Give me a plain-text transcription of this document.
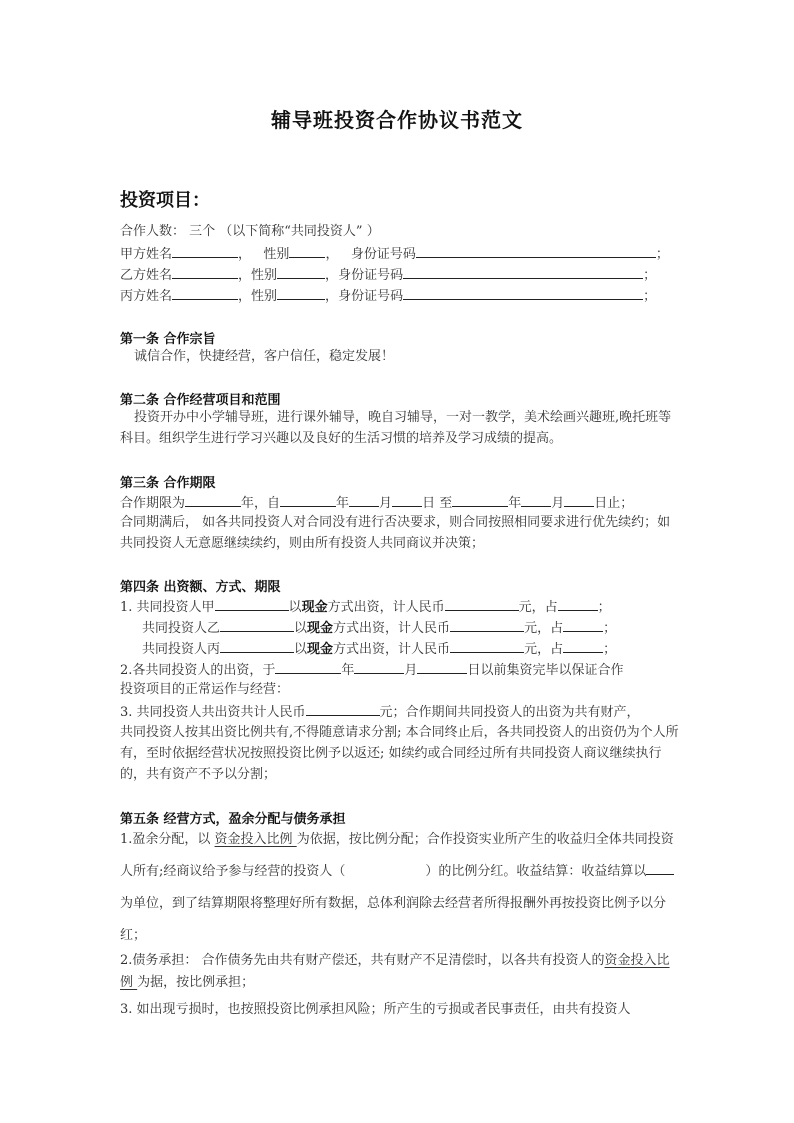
辅导班投资合作协议书范文
投资项目：
合作人数： 三个 （以下简称“共同投资人” ）
甲方姓名	，   性别	，   身份证号码	；
乙方姓名	，性别	，身份证号码	；
丙方姓名	，性别	，身份证号码	；
第一条 合作宗旨
诚信合作，快捷经营，客户信任，稳定发展！
第二条 合作经营项目和范围
投资开办中小学辅导班，进行课外辅导，晚自习辅导，一对一教学，美术绘画兴趣班,晚托班等科目。组织学生进行学习兴趣以及良好的生活习惯的培养及学习成绩的提高。
第三条 合作期限
合作期限为	年，自	年 月 日 至	年 月 日止；
合同期满后， 如各共同投资人对合同没有进行否决要求，则合同按照相同要求进行优先续约；如共同投资人无意愿继续续约，则由所有投资人共同商议并决策；
第四条 出资额、方式、期限
1. 共同投资人甲	以现金方式出资，计人民币	元，占	；
共同投资人乙	以现金方式出资，计人民币	元，占	；
共同投资人丙	以现金方式出资，计人民币	元，占	；
2.各共同投资人的出资，于	年	月	日以前集资完毕以保证合作
投资项目的正常运作与经营：
3. 共同投资人共出资共计人民币	元；合作期间共同投资人的出资为共有财产，
共同投资人按其出资比例共有,不得随意请求分割; 本合同终止后，各共同投资人的出资仍为个人所有，至时依据经营状况按照投资比例予以返还; 如续约或合同经过所有共同投资人商议继续执行的，共有资产不予以分割；
第五条 经营方式，盈余分配与债务承担
1.盈余分配，以 资金投入比例 为依据，按比例分配；合作投资实业所产生的收益归全体共同投资人所有;经商议给予参与经营的投资人（	）的比例分红。收益结算：收益结算以为单位，到了结算期限将整理好所有数据，总体利润除去经营者所得报酬外再按投资比例予以分红；
2.债务承担： 合作债务先由共有财产偿还，共有财产不足清偿时，以各共有投资人的资金投入比例 为据，按比例承担；
3. 如出现亏损时，也按照投资比例承担风险；所产生的亏损或者民事责任，由共有投资人
